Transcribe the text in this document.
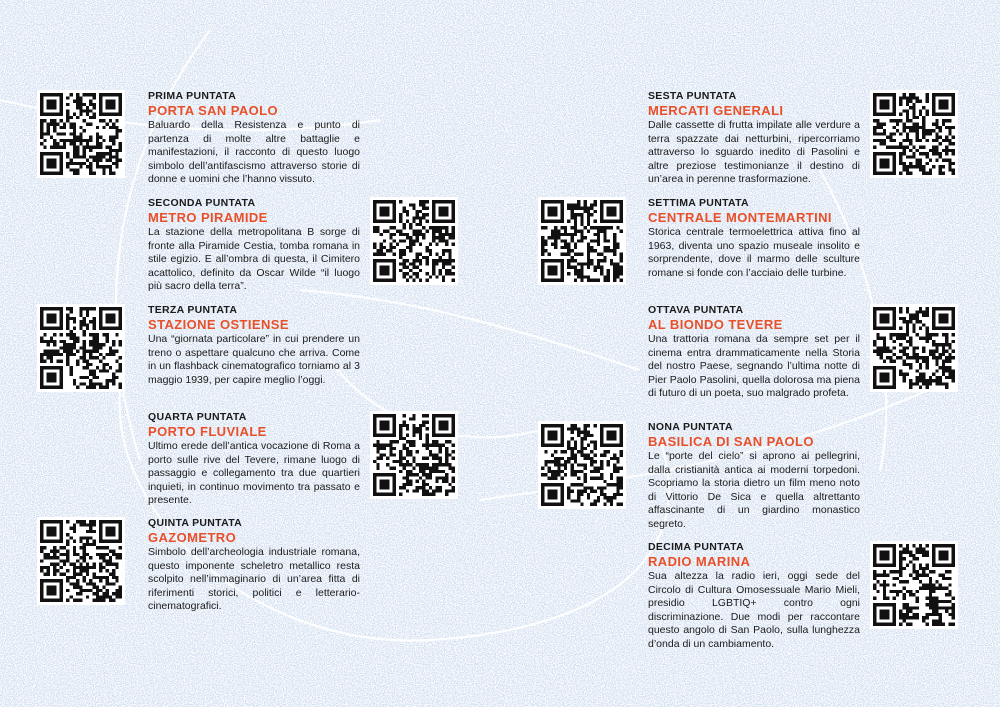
PRIMA PUNTATA
PORTA SAN PAOLO
Baluardo della Resistenza e punto di partenza di molte altre battaglie e manifestazioni, il racconto di questo luogo simbolo dell’antifascismo attraverso storie di donne e uomini che l’hanno vissuto.
SECONDA PUNTATA
METRO PIRAMIDE
La stazione della metropolitana B sorge di fronte alla Piramide Cestia, tomba romana in stile egizio. E all’ombra di questa, il Cimitero acattolico, definito da Oscar Wilde “il luogo più sacro della terra”.
TERZA PUNTATA
STAZIONE OSTIENSE
Una “giornata particolare” in cui prendere un treno o aspettare qualcuno che arriva. Come in un flashback cinematografico torniamo al 3 maggio 1939, per capire meglio l’oggi.
QUARTA PUNTATA
PORTO FLUVIALE
Ultimo erede dell’antica vocazione di Roma a porto sulle rive del Tevere, rimane luogo di passaggio e collegamento tra due quartieri inquieti, in continuo movimento tra passato e presente.
QUINTA PUNTATA
GAZOMETRO
Simbolo dell’archeologia industriale romana, questo imponente scheletro metallico resta scolpito nell’immaginario di un’area fitta di riferimenti storici, politici e letterario-cinematografici.
SESTA PUNTATA
MERCATI GENERALI
Dalle cassette di frutta impilate alle verdure a terra spazzate dai netturbini, ripercorriamo attraverso lo sguardo inedito di Pasolini e altre preziose testimonianze il destino di un’area in perenne trasformazione.
SETTIMA PUNTATA
CENTRALE MONTEMARTINI
Storica centrale termoelettrica attiva fino al 1963, diventa uno spazio museale insolito e sorprendente, dove il marmo delle sculture romane si fonde con l’acciaio delle turbine.
OTTAVA PUNTATA
AL BIONDO TEVERE
Una trattoria romana da sempre set per il cinema entra drammaticamente nella Storia del nostro Paese, segnando l’ultima notte di Pier Paolo Pasolini, quella dolorosa ma piena di futuro di un poeta, suo malgrado profeta.
NONA PUNTATA
BASILICA DI SAN PAOLO
Le “porte del cielo” si aprono ai pellegrini, dalla cristianità antica ai moderni torpedoni. Scopriamo la storia dietro un film meno noto di Vittorio De Sica e quella altrettanto affascinante di un giardino monastico segreto.
DECIMA PUNTATA
RADIO MARINA
Sua altezza la radio ieri, oggi sede del Circolo di Cultura Omosessuale Mario Mieli, presidio LGBTIQ+ contro ogni discriminazione. Due modi per raccontare questo angolo di San Paolo, sulla lunghezza d’onda di un cambiamento.
